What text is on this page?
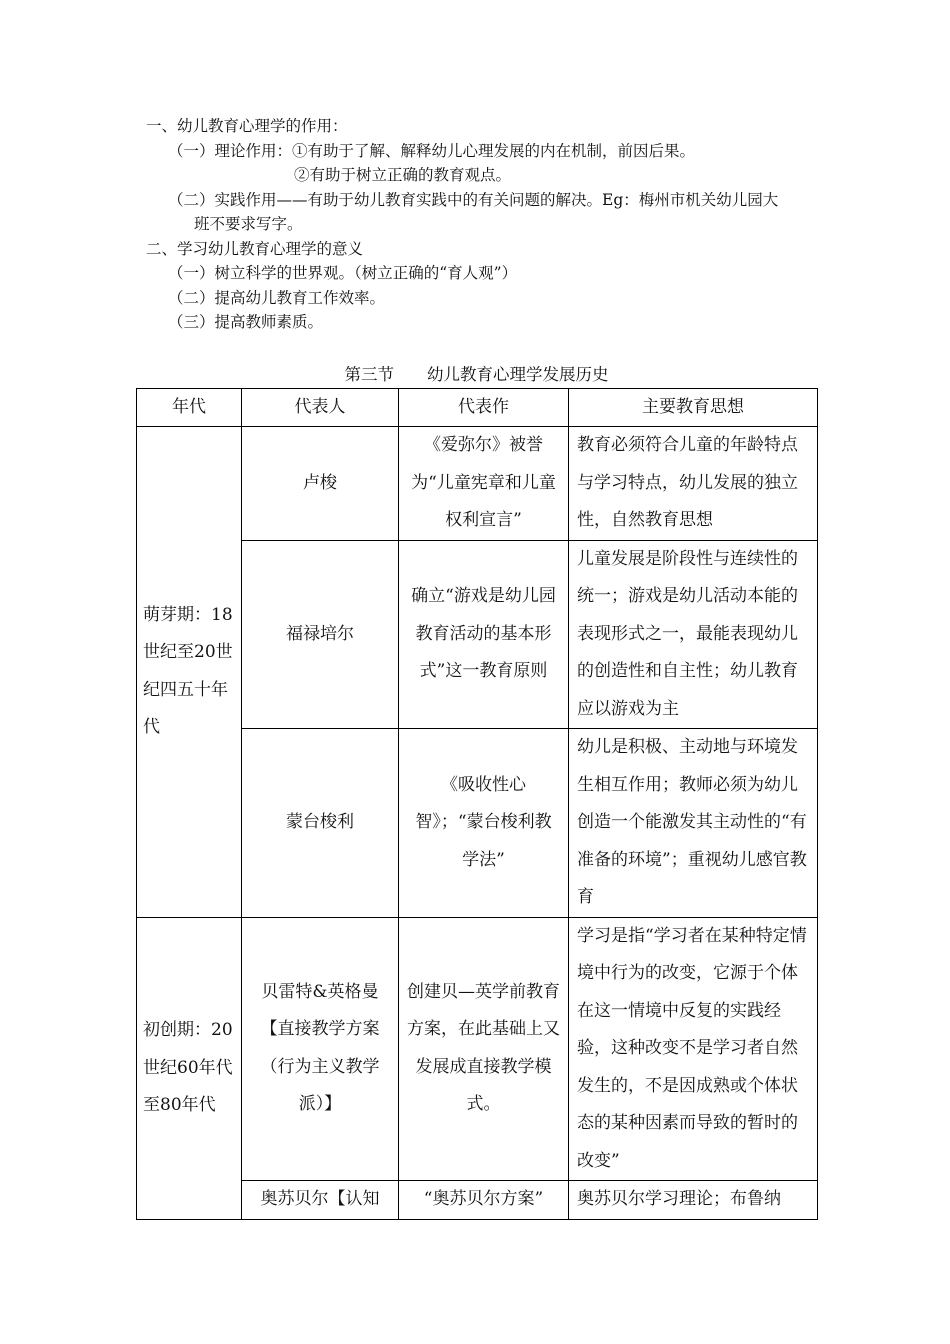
一、幼儿教育心理学的作用：

（一）理论作用：①有助于了解、解释幼儿心理发展的内在机制，前因后果。

②有助于树立正确的教育观点。

（二）实践作用——有助于幼儿教育实践中的有关问题的解决。Eg：梅州市机关幼儿园大

班不要求写字。

二、学习幼儿教育心理学的意义

（一）树立科学的世界观。（树立正确的“育人观”）

（二）提高幼儿教育工作效率。

（三）提高教师素质。

第三节　　幼儿教育心理学发展历史
年代	代表人	代表作	主要教育思想
萌芽期：18世纪至20世纪四五十年代	卢梭	《爱弥尔》被誉为“儿童宪章和儿童权利宣言”	教育必须符合儿童的年龄特点与学习特点，幼儿发展的独立性，自然教育思想
	福禄培尔	确立“游戏是幼儿园教育活动的基本形式”这一教育原则	儿童发展是阶段性与连续性的统一；游戏是幼儿活动本能的表现形式之一，最能表现幼儿的创造性和自主性；幼儿教育应以游戏为主
	蒙台梭利	《吸收性心智》；“蒙台梭利教学法”	幼儿是积极、主动地与环境发生相互作用；教师必须为幼儿创造一个能激发其主动性的“有准备的环境”；重视幼儿感官教育
初创期：20世纪60年代至80年代	贝雷特&英格曼【直接教学方案（行为主义教学派）】	创建贝—英学前教育方案，在此基础上又发展成直接教学模式。	学习是指“学习者在某种特定情境中行为的改变，它源于个体在这一情境中反复的实践经验，这种改变不是学习者自然发生的，不是因成熟或个体状态的某种因素而导致的暂时的改变”
	奥苏贝尔【认知	“奥苏贝尔方案”	奥苏贝尔学习理论；布鲁纳
